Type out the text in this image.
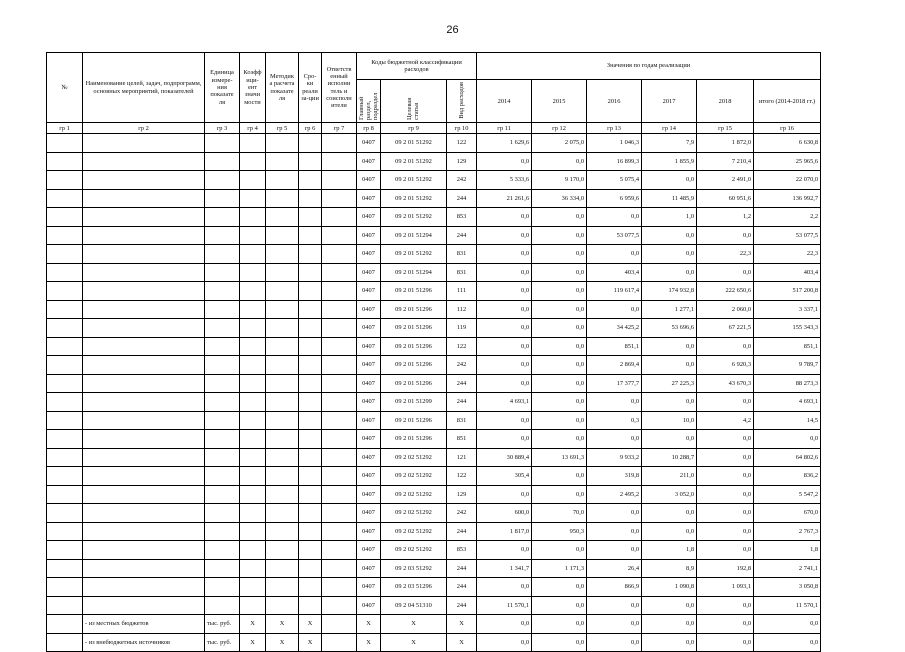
26
№	Наименование целей, задач, подпрограмм, основных мероприятий, показателей	Единица измере-ния показате ля	Коэфф ици-ент значи мости	Методик а расчета показате ля	Сро-ки реали за-ции	Ответств енный исполни тель и соисполн ители	Коды бюджетной классификации расходов			Значения по годам реализации					
							Главный раздел, подраздел	Целевая статья	Вид расходов	2014	2015	2016	2017	2018	итого (2014-2018 гг.)
гр 1	гр 2	гр 3	гр 4	гр 5	гр 6	гр 7	гр 8	гр 9	гр 10	гр 11	гр 12	гр 13	гр 14	гр 15	гр 16
							0407	09 2 01 51292	122	1 629,6	2 075,0	1 046,3	7,9	1 872,0	6 630,8
							0407	09 2 01 51292	129	0,0	0,0	16 899,3	1 855,9	7 210,4	25 965,6
							0407	09 2 01 51292	242	5 333,6	9 170,0	5 075,4	0,0	2 491,0	22 070,0
							0407	09 2 01 51292	244	21 261,6	36 334,0	6 959,6	11 485,9	60 951,6	136 992,7
							0407	09 2 01 51292	853	0,0	0,0	0,0	1,0	1,2	2,2
							0407	09 2 01 51294	244	0,0	0,0	53 077,5	0,0	0,0	53 077,5
							0407	09 2 01 51292	831	0,0	0,0	0,0	0,0	22,3	22,3
							0407	09 2 01 51294	831	0,0	0,0	403,4	0,0	0,0	403,4
							0407	09 2 01 51296	111	0,0	0,0	119 617,4	174 932,8	222 650,6	517 200,8
							0407	09 2 01 51296	112	0,0	0,0	0,0	1 277,1	2 060,0	3 337,1
							0407	09 2 01 51296	119	0,0	0,0	34 425,2	53 696,6	67 221,5	155 343,3
							0407	09 2 01 51296	122	0,0	0,0	851,1	0,0	0,0	851,1
							0407	09 2 01 51296	242	0,0	0,0	2 869,4	0,0	6 920,3	9 789,7
							0407	09 2 01 51296	244	0,0	0,0	17 377,7	27 225,3	43 670,3	88 273,3
							0407	09 2 01 51299	244	4 693,1	0,0	0,0	0,0	0,0	4 693,1
							0407	09 2 01 51296	831	0,0	0,0	0,3	10,0	4,2	14,5
							0407	09 2 01 51296	851	0,0	0,0	0,0	0,0	0,0	0,0
							0407	09 2 02 51292	121	30 889,4	13 691,3	9 933,2	10 288,7	0,0	64 802,6
							0407	09 2 02 51292	122	305,4	0,0	319,8	211,0	0,0	836,2
							0407	09 2 02 51292	129	0,0	0,0	2 495,2	3 052,0	0,0	5 547,2
							0407	09 2 02 51292	242	600,0	70,0	0,0	0,0	0,0	670,0
							0407	09 2 02 51292	244	1 817,0	950,3	0,0	0,0	0,0	2 767,3
							0407	09 2 02 51292	853	0,0	0,0	0,0	1,8	0,0	1,8
							0407	09 2 03 51292	244	1 341,7	1 171,3	26,4	8,9	192,8	2 741,1
							0407	09 2 03 51296	244	0,0	0,0	866,9	1 090,8	1 093,1	3 050,8
							0407	09 2 04 51310	244	11 570,1	0,0	0,0	0,0	0,0	11 570,1
	- из местных бюджетов	тыс. руб.	Х	Х	Х		Х	Х	Х	0,0	0,0	0,0	0,0	0,0	0,0
	- из внебюджетных источников	тыс. руб.	Х	Х	Х		Х	Х	Х	0,0	0,0	0,0	0,0	0,0	0,0
